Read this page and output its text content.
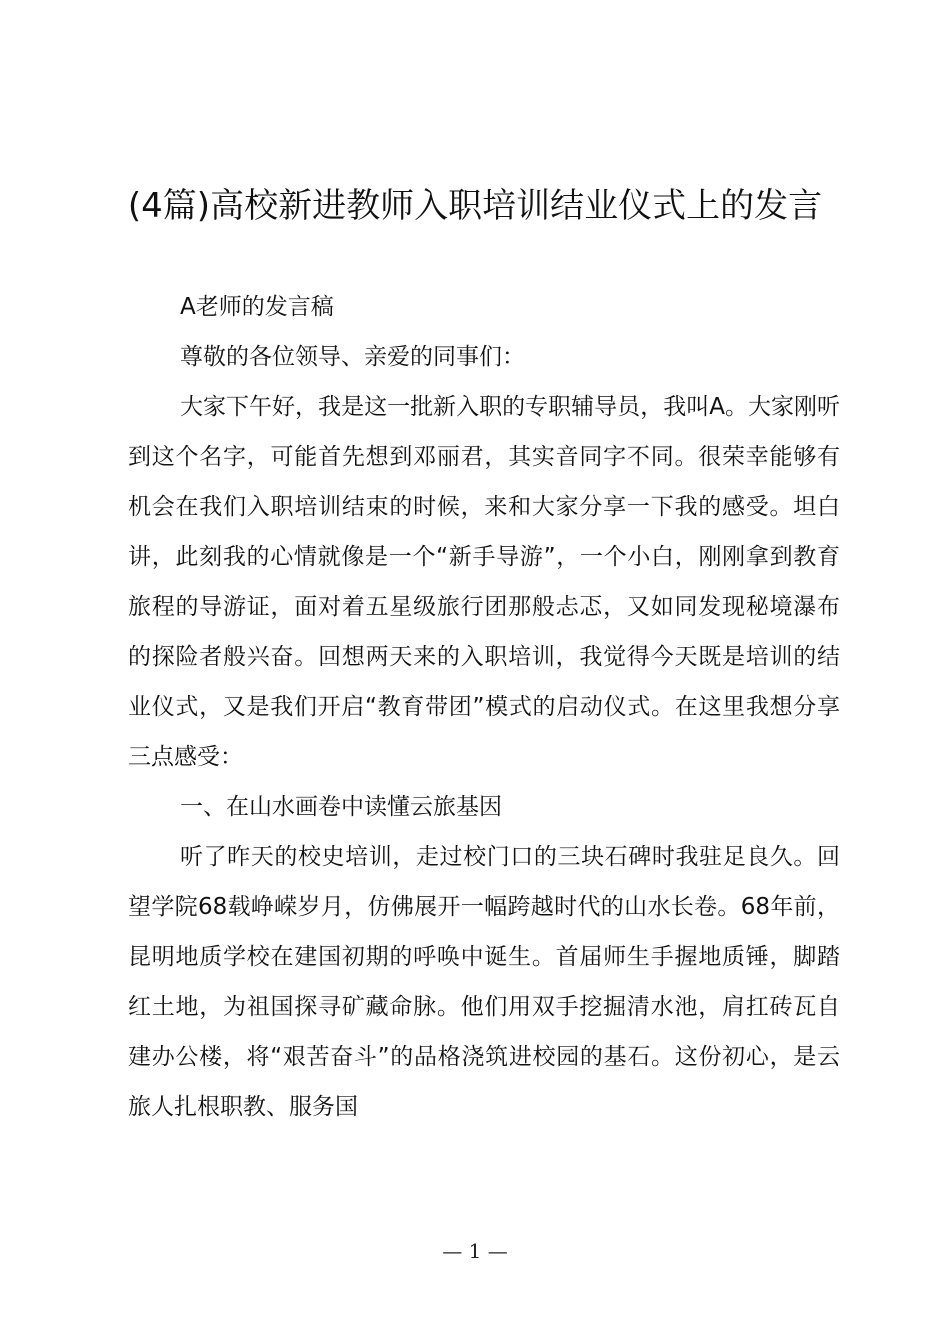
(4篇)高校新进教师入职培训结业仪式上的发言

A老师的发言稿

尊敬的各位领导、亲爱的同事们：

大家下午好，我是这一批新入职的专职辅导员，我叫A。大家刚听到这个名字，可能首先想到邓丽君，其实音同字不同。很荣幸能够有机会在我们入职培训结束的时候，来和大家分享一下我的感受。坦白讲，此刻我的心情就像是一个“新手导游”，一个小白，刚刚拿到教育旅程的导游证，面对着五星级旅行团那般忐忑，又如同发现秘境瀑布的探险者般兴奋。回想两天来的入职培训，我觉得今天既是培训的结业仪式，又是我们开启“教育带团”模式的启动仪式。在这里我想分享三点感受：

一、在山水画卷中读懂云旅基因

听了昨天的校史培训，走过校门口的三块石碑时我驻足良久。回望学院68载峥嵘岁月，仿佛展开一幅跨越时代的山水长卷。68年前，昆明地质学校在建国初期的呼唤中诞生。首届师生手握地质锤，脚踏红土地，为祖国探寻矿藏命脉。他们用双手挖掘清水池，肩扛砖瓦自建办公楼，将“艰苦奋斗”的品格浇筑进校园的基石。这份初心，是云旅人扎根职教、服务国

— 1 —
